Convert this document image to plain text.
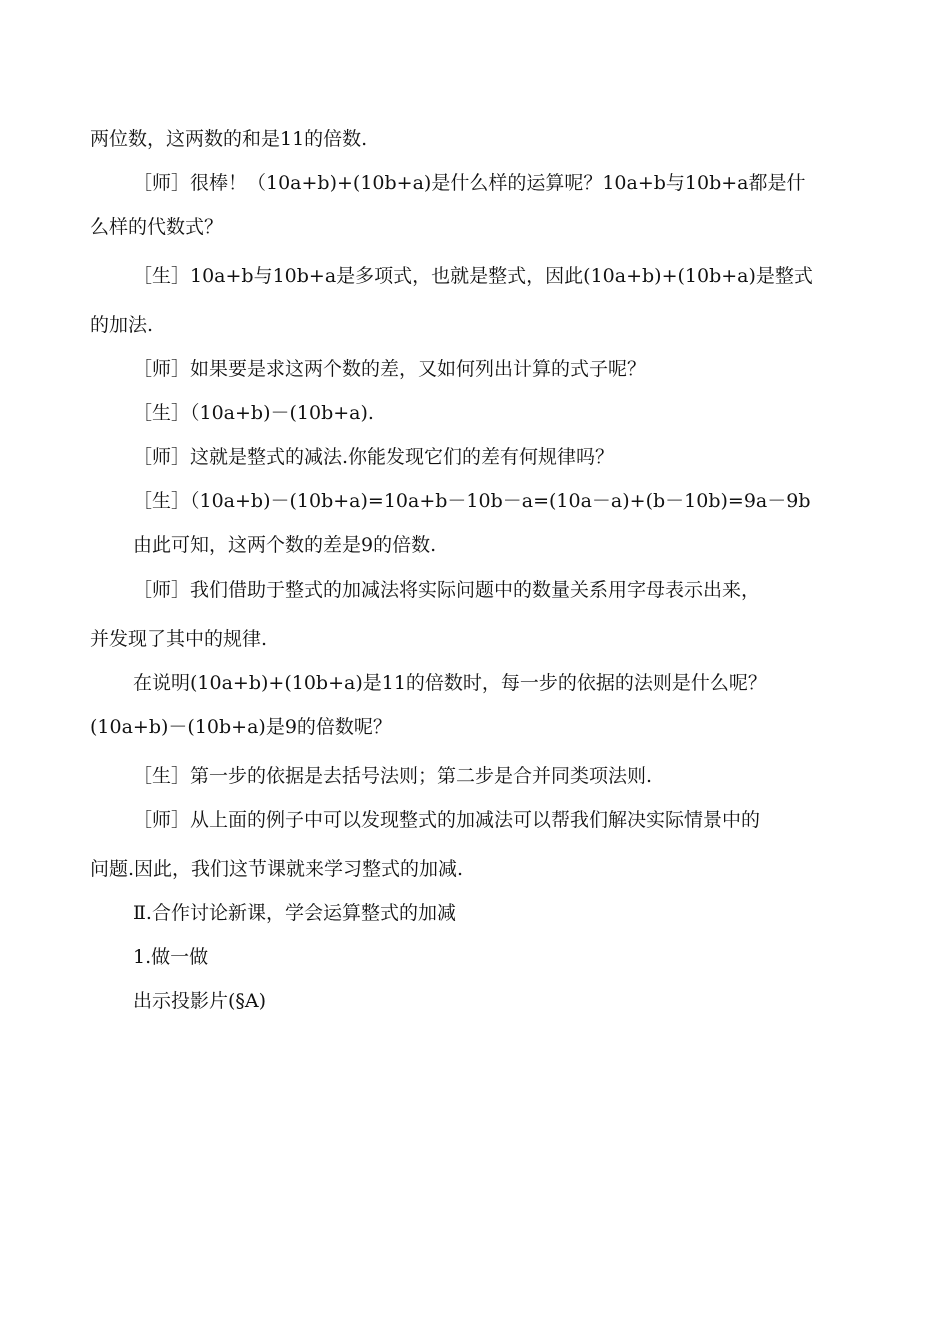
两位数，这两数的和是11的倍数.
［师］很棒！（10a+b)+(10b+a)是什么样的运算呢？10a+b与10b+a都是什
么样的代数式？
［生］10a+b与10b+a是多项式，也就是整式，因此(10a+b)+(10b+a)是整式
的加法.
［师］如果要是求这两个数的差，又如何列出计算的式子呢？
［生］（10a+b)－(10b+a).
［师］这就是整式的减法.你能发现它们的差有何规律吗？
［生］（10a+b)－(10b+a)=10a+b－10b－a=(10a－a)+(b－10b)=9a－9b
由此可知，这两个数的差是9的倍数.
［师］我们借助于整式的加减法将实际问题中的数量关系用字母表示出来，
并发现了其中的规律.
在说明(10a+b)+(10b+a)是11的倍数时，每一步的依据的法则是什么呢？
(10a+b)－(10b+a)是9的倍数呢？
［生］第一步的依据是去括号法则；第二步是合并同类项法则.
［师］从上面的例子中可以发现整式的加减法可以帮我们解决实际情景中的
问题.因此，我们这节课就来学习整式的加减.
Ⅱ.合作讨论新课，学会运算整式的加减
1.做一做
出示投影片(§A)
